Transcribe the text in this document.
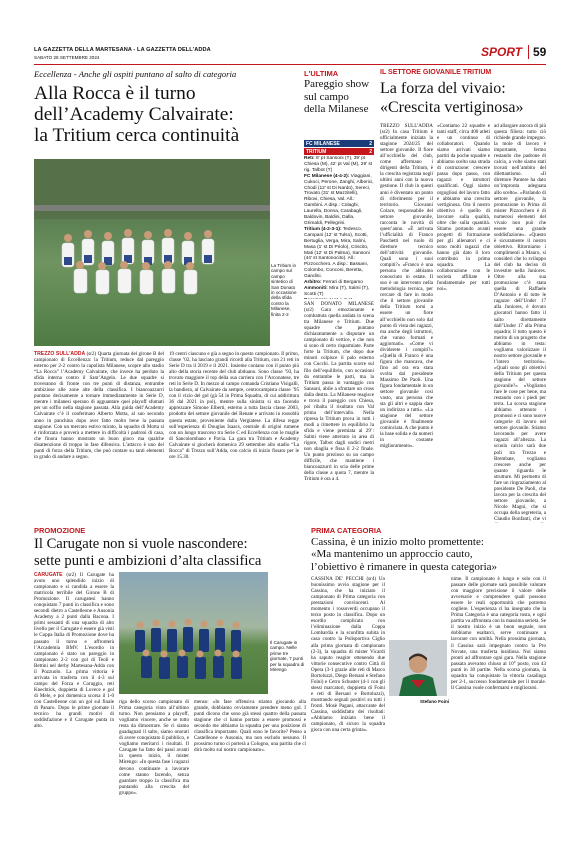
LA GAZZETTA DELLA MARTESANA - LA GAZZETTA DELL'ADDA
SABATO 28 SETTEMBRE 2024	SPORT 59
Eccellenza - Anche gli ospiti puntano al salto di categoria
Alla Rocca è il turno
dell’Academy Calvairate:
la Tritium cerca continuità
La Tritium in campo sul campo sintetico di San Donato in occasione della sfida contro la Milanese, finita 2-2
TREZZO SULL'ADDA (sr2) Quarta giornata del girone B del campionato di Eccellenza: la Tritium, reduce dal pareggio esterno per 2-2 contro la capolista Milanese, scopre allo stadio “La Rocca” l’Academy Calvairate, che invece ha perduto la sfida interna contro il Sant’Angelo. Le due squadre si troveranno di fronte con tre punti di distanza, entrambe ambiziose alle zone alte della classifica. I biancoazzurri puntano decisamente a tornare immediatamente in Serie D, mentre i milanesi sperano di agguantare quei playoff sfumati per un soffio nella stagione passata. Alla guida dell’Academy Calvairate c’è il confermato Alberto Motta, al suo secondo anno in panchina dopo aver fatto molto bene la passata stagione. Con un mercato estivo mirato, la squadra di Motta si è rinforzata e proverà a mettere in difficoltà i padroni di casa, che finora hanno mostrato un buon gioco ma qualche disattenzione di troppo in fase difensiva. L’attacco è uno dei punti di forza della Tritium, che può contare su tanti elementi in grado di andare a segno.
19 centri ciascuno e già a segno in questo campionato. Il primo, classe ’02, ha lasciato grandi ricordi alla Tritium, con 21 reti in Serie D tra il 2019 e il 2021. Insieme contano con il punto più alto della storia recente del club abduano. Sono classe ’93, ha trovato maggiore il top della sua carriera con l’Arconatese, tre reti in Serie D. In mezzo al campo comanda Cristiano Visigalli, la bandiera, al Calvairate da sempre, centrocampista classe ’95 con il vizio del gol (gà 54 in Prima Squadra, di cui addirittura 36 dal 2021 in poi), mentre sulla sinistra si sta facendo apprezzare Simone Elberti, esterno a tutta fascia classe 2003, prodotto del settore giovanile del Renate e arrivato in rossoblù questa estate, proveniente dalla Vergiatese. La difesa regge sull’esperienza di Douglas Isaacs, centrale di origini rumene con un lungo trascorso tra Serie C ed Eccellenza con le maglie di Sancolombano e Pavia. La gara tra Tritium e Academy Calvairate si giocherà domenica 29 settembre allo stadio “La Rocca” di Trezzo sull’Adda, con calcio di inizio fissato per le ore 15.30.
L'ULTIMA
Pareggio show
sul campo
della Milanese
FC MILANESE	2
TRITIUM	2
Reti: 8' pt Sansoni (T), 39' pt Chiesa (M), 42' pt Val (M), 29' st rig. Talbot (T)
FC Milanese (4-4-2): Viaggiani, Cukoci, Perone, Zanghi, Alberici, Chodi (12' st Di Nardo), Sereci, Trovato (31' st Mazzitelli), Ribovi, Chiesa, Val. All.: Gambini. A disp.: Colaghi, Laurella, Donna, Carabagli, Baldovin, Baldini, Dalla, Grimaldi, Pellegrini.
Tritium (4-2-3-1): Tedesco, Campani (12' st Tulso), Scotti, Bertuglia, Verga, Mira, Salmi, Masa (1' st Di Priolo), Criscito, Mati (12' st Di Palma), Sansoni (44' st Santonocito). All.: Pizzocchero. A disp.: Bassani, Colombo, Conconi, Beretta, Gandini.
Arbitro: Ferrari di Bergamo
Ammoniti: Mira (T), Salmi (T), Scotti (T)
SAN DONATO MILANESE (sr2) Gara emozionante e combattuta quella andata in scena tra Milanese e Tritium. Due squadre che puntano dichiaratamente a disputare un campionato di vertice, e che non si sono di certo risparmiate. Parte forte la Tritium, che dopo due minuti colpisce il palo esterno con Cucchi. La partita scorre sul filo dell’equilibrio, con occasioni da entrambe le parti, ma la Tritium passa in vantaggio con Sansoni, abile a sfruttare un cross dalla destra. La Milanese reagisce e trova il pareggio con Chiesa, poi ribalta il risultato con Val prima dell’intervallo. Nella ripresa la Tritium prova in tutti i modi a rimettere in equilibrio la sfida e viene premiata al 29’: Salmi viene atterrato in area di rigore, Talbot dagli undici metri non sbaglia e fissa il 2-2 finale. Un punto prezioso su un campo difficile, che mantiene i biancoazzurri in scia delle prime della classe a quota 7, mentre la Tritium è ora a 4.
IL SETTORE GIOVANILE TRITIUM
La forza del vivaio:
«Crescita vertiginosa»
TREZZO SULL'ADDA (sr2) In casa Tritium è ufficialmente iniziata la stagione 2024/25 del settore giovanile. Il fiore all’occhiello del club, come affermano i dirigenti della Tritium, è la crescita registrata negli ultimi anni con la nuova gestione. Il club in questi anni è diventato un punto di riferimento per il territorio. Giovanni Colace, responsabile del settore giovanile, racconta le novità di quest’anno. «È arrivata l’ufficialità di Franco Paschetti nel ruolo di direttore tecnico dell’attività giovanile. Quali sono i suoi compiti?» «Franco è una persona che abbiamo conosciuto in estate. Il suo è un intervento nella metodologia tecnica, per cercare di fare in modo che il settore giovanile della Tritium torni a essere un fiore all’occhiello non solo dal punto di vista dei ragazzi, ma anche degli istruttori, che vanno formati e aggiornati». «Come vi dividerete i compiti?» «Quella di Franco è una figura che mancava, che fino ad ora era stata svolta dal presidente Massimo De Paoli. Una figura fondamentale in un settore giovanile così vasto, una persona che sta gli altri e sappia dare un indirizzo a tutti». «La stagione del settore giovanile è finalmente cominciata. A che punto è la base solida e da numeri in costante miglioramento».
«Contiamo 22 squadre e tanti staff, circa 400 atleti e un continuo di collaboratori. Quando siamo arrivati siamo partiti da poche squadre e abbiamo scelto una strada di costruzione: crescere passo dopo passo, con ragazzi e istruttori qualificati. Oggi siamo orgogliosi del lavoro fatto e abbiamo una crescita vertiginosa. Ora il nostro obiettivo è quello di lavorare sulla qualità, oltre che sulla quantità. Stiamo portando avanti progetti di formazione per gli allenatori e ci sono molti ragazzi che hanno già dato il loro contributo in prima squadra. La collaborazione con le società affiliate è fondamentale per tutti noi».
ad allargare ancora di più questa filiera: tutto ciò richiede grande impegno. la mole di lavoro è importante, fermo restando che padrone di calcio, a volte siamo stati trovati nell’ambito del dilettantismo. «Il direttore Pantere ha dato un’impronta adeguata allo scelto». «Parlando di settore giovanile, la promozione in Prima di mister Pizzocchero è di numerosi elementi del vivaio non può che essere una grande soddisfazione». «Questo è sicuramente il nostro obiettivo. Ritorniamo i complimenti a Mauro, si consideri che lo sviluppo del club ha deciso di investire nella Juniores. Oltre alla sua promozione c’è stata quella di Raffaele D’Antonio e di tutte le ragazze dell’Under 17 alla Juniores, è dovuto giocatori hanno fatto il salto direttamente dall’Under 17 alla Prima squadra; il tutto questo è merito di un progetto che abbiamo in testa: vogliamo valorizzare il nostro settore giovanile e l’intero territorio». «Quali sono gli obiettivi della Tritium per questa stagione del settore giovanile?» «Vogliamo fare le cose per bene, ma restando con i piedi per terra. La scorsa stagione abbiamo ottenuto i promossi e ci sono nuove categorie di lavoro nel settore giovanile. Stiamo lavorando per avere ragazzi all’altezza. La scuola calcio sarà due poli tra Trezzo e Brembate, vogliamo crescere anche per quanto riguarda le strutture. Mi permetto di fare un ringraziamento al presidente De Paoli, che lavora per la crescita del settore giovanile, a Nicole Magni, che si occupa della segreteria, a Claudio Bonfanti, che vi
PROMOZIONE
Il Carugate non si vuole nascondere:
sette punti e ambizioni d’alta classifica
CARUGATE (sr2) Il Carugate ha avuto uno splendido inizio di campionato e si candida a essere la matricola terribile del Girone B di Promozione. Il carugatesi hanno conquistato 7 punti in classifica e sono secondi dietro a Castelleone e Ausonia Academy a 2 punti dalla Bacona. I primi sessanti di una squadra di alto livello per il Carugate è essere già visti le Coppa Italia di Promozione dove ha passato il turno e affronterà l’Accademia BMV. L’esordio in campionato è stato un pareggio in campionato 2-2 con gol di Teoli e Bettini nel derby Martesana-Adda con il Pozzuolo. La prima vittoria è arrivata in trasferta con il 4-3 sul campo del Forza e Coraggio, reti Knechtick, doppietta di Lovece e gol di Mele, e poi domenica scorsa il 1-0 con Castelleone con un gol sul finale di Panaro. Dopo le prime giornate il tecnico ha grandi motivi di soddisfazione e il Carugate punta in alto.
Il Carugate in campo. Nelle prime tre giornate, 7 punti per la squadra di Mirengo
riga dello scorso campionato di Prima categoria vinto all’ultimo turno. Non pensiamo a playoff, vogliamo vincere, anche se tutto resta da dimostrare. Se ci siamo guadagnati il salto, siamo onorati di avere conquistato il pubblico, e vogliamo meritarci i risultati. Il Carugate ha fatto dei passi avanti in questo inizio, il mister Mirengo: «In questa fase i ragazzi devono continuare a lavorare come stanno facendo, senza guardare troppo la classifica ma puntando alla crescita del gruppo».
menso: «In fase offensiva stiamo giocando alla grande, dobbiamo ovviamente prendere meno gol. I punti dicono che sono già stessi quattro della passata stagione che ci hanno portato a essere promossi e secondo me abbiamo la squadra per una posizione di classifica importante. Quali sono le favorite? Penso a Castelleone e Ausonia, ma non escludo nessuno. Il prossimo turno ci porterà a Cologno, una partita che ci dirà molto sul nostro campionato».
PRIMA CATEGORIA
Cassina, è un inizio molto promettente:
«Ma mantenimo un approccio cauto,
l’obiettivo è rimanere in questa categoria»
CASSINA DE' PECCHI (sr4) Un buonissimo avvio stagione per il Cassina, che ha iniziato il campionato di Prima categoria con prestazioni convincenti. Al momento i rossoverdi occupano il terzo posto in classifica. Dopo un esordio complicato con l’eliminazione dalla Coppa Lombardia e la sconfitta subita in casa contro la Polisportiva Ciglio alla prima giornata di campionato (2-3), la squadra di mister Vicardi ha saputo reagire ottenendo due vittorie consecutive contro Città di Opera (3-1 grazie alle reti di Marco Bortoluzzi, Diego Bersani e Stefano Foini) e Cerro Schuster (4-1 con gli stessi marcatori, doppietta di Foini e reti di Bersani e Bortoluzzi), mostrando segnali positivi su tutti i fronti. Mosè Pagani, attaccante del Cassina, soddisfatto dei risultati: «Abbiamo iniziato bene il campionato, di sicuro la squadra gioca con una certa grinta».
Stefano Foini
nime. Il campionato è lungo e solo con il passare delle giornate sarà possibile valutare con maggiore precisione il valore delle avversarie e comprendere quali possono essere le reali opportunità che potremo cogliere. L’esperienza ci ha insegnato che la Prima Categoria è una categoria tosta, e ogni partita va affrontata con la massima serietà. Se il nostro inizio è un buon segnale, non dobbiamo esaltarci, serve continuare a lavorare con umiltà. Nella prossima giornata, il Cassina sarà impegnato contro la Pro Novate, una trasferta insidiosa. Noi siamo pronti ad affrontare ogni gara. Nella stagione passata avevamo chiuso al 10° posto, con 43 punti in 30 partite. Nella scorsa giornata, la squadra ha conquistato la vittoria casalinga per 2-1, successo fondamentale per il morale. Il Cassina vuole confermarsi e migliorarsi.
